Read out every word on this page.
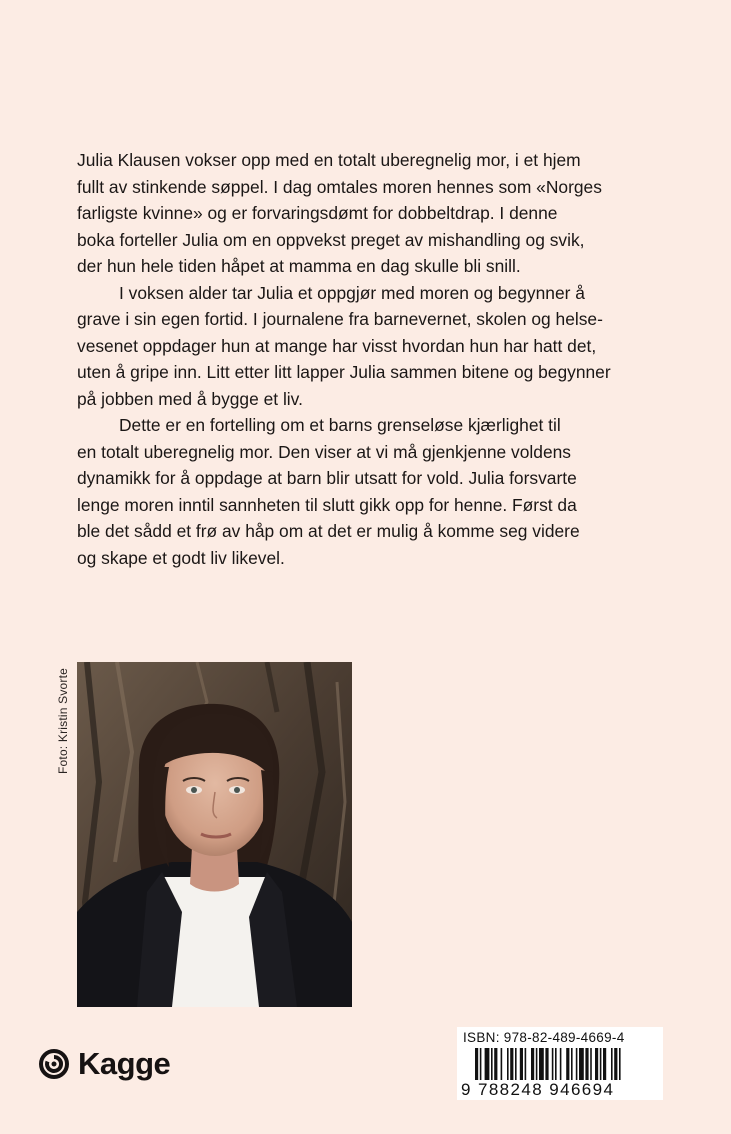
Julia Klausen vokser opp med en totalt uberegnelig mor, i et hjem
fullt av stinkende søppel. I dag omtales moren hennes som «Norges
farligste kvinne» og er forvaringsdømt for dobbeltdrap. I denne
boka forteller Julia om en oppvekst preget av mishandling og svik,
der hun hele tiden håpet at mamma en dag skulle bli snill.

I voksen alder tar Julia et oppgjør med moren og begynner å
grave i sin egen fortid. I journalene fra barnevernet, skolen og helse-
vesenet oppdager hun at mange har visst hvordan hun har hatt det,
uten å gripe inn. Litt etter litt lapper Julia sammen bitene og begynner
på jobben med å bygge et liv.

Dette er en fortelling om et barns grenseløse kjærlighet til
en totalt uberegnelig mor. Den viser at vi må gjenkjenne voldens
dynamikk for å oppdage at barn blir utsatt for vold. Julia forsvarte
lenge moren inntil sannheten til slutt gikk opp for henne. Først da
ble det sådd et frø av håp om at det er mulig å komme seg videre
og skape et godt liv likevel.

Foto: Kristin Svorte
Kagge
ISBN: 978-82-489-4669-4
9 788248 946694
